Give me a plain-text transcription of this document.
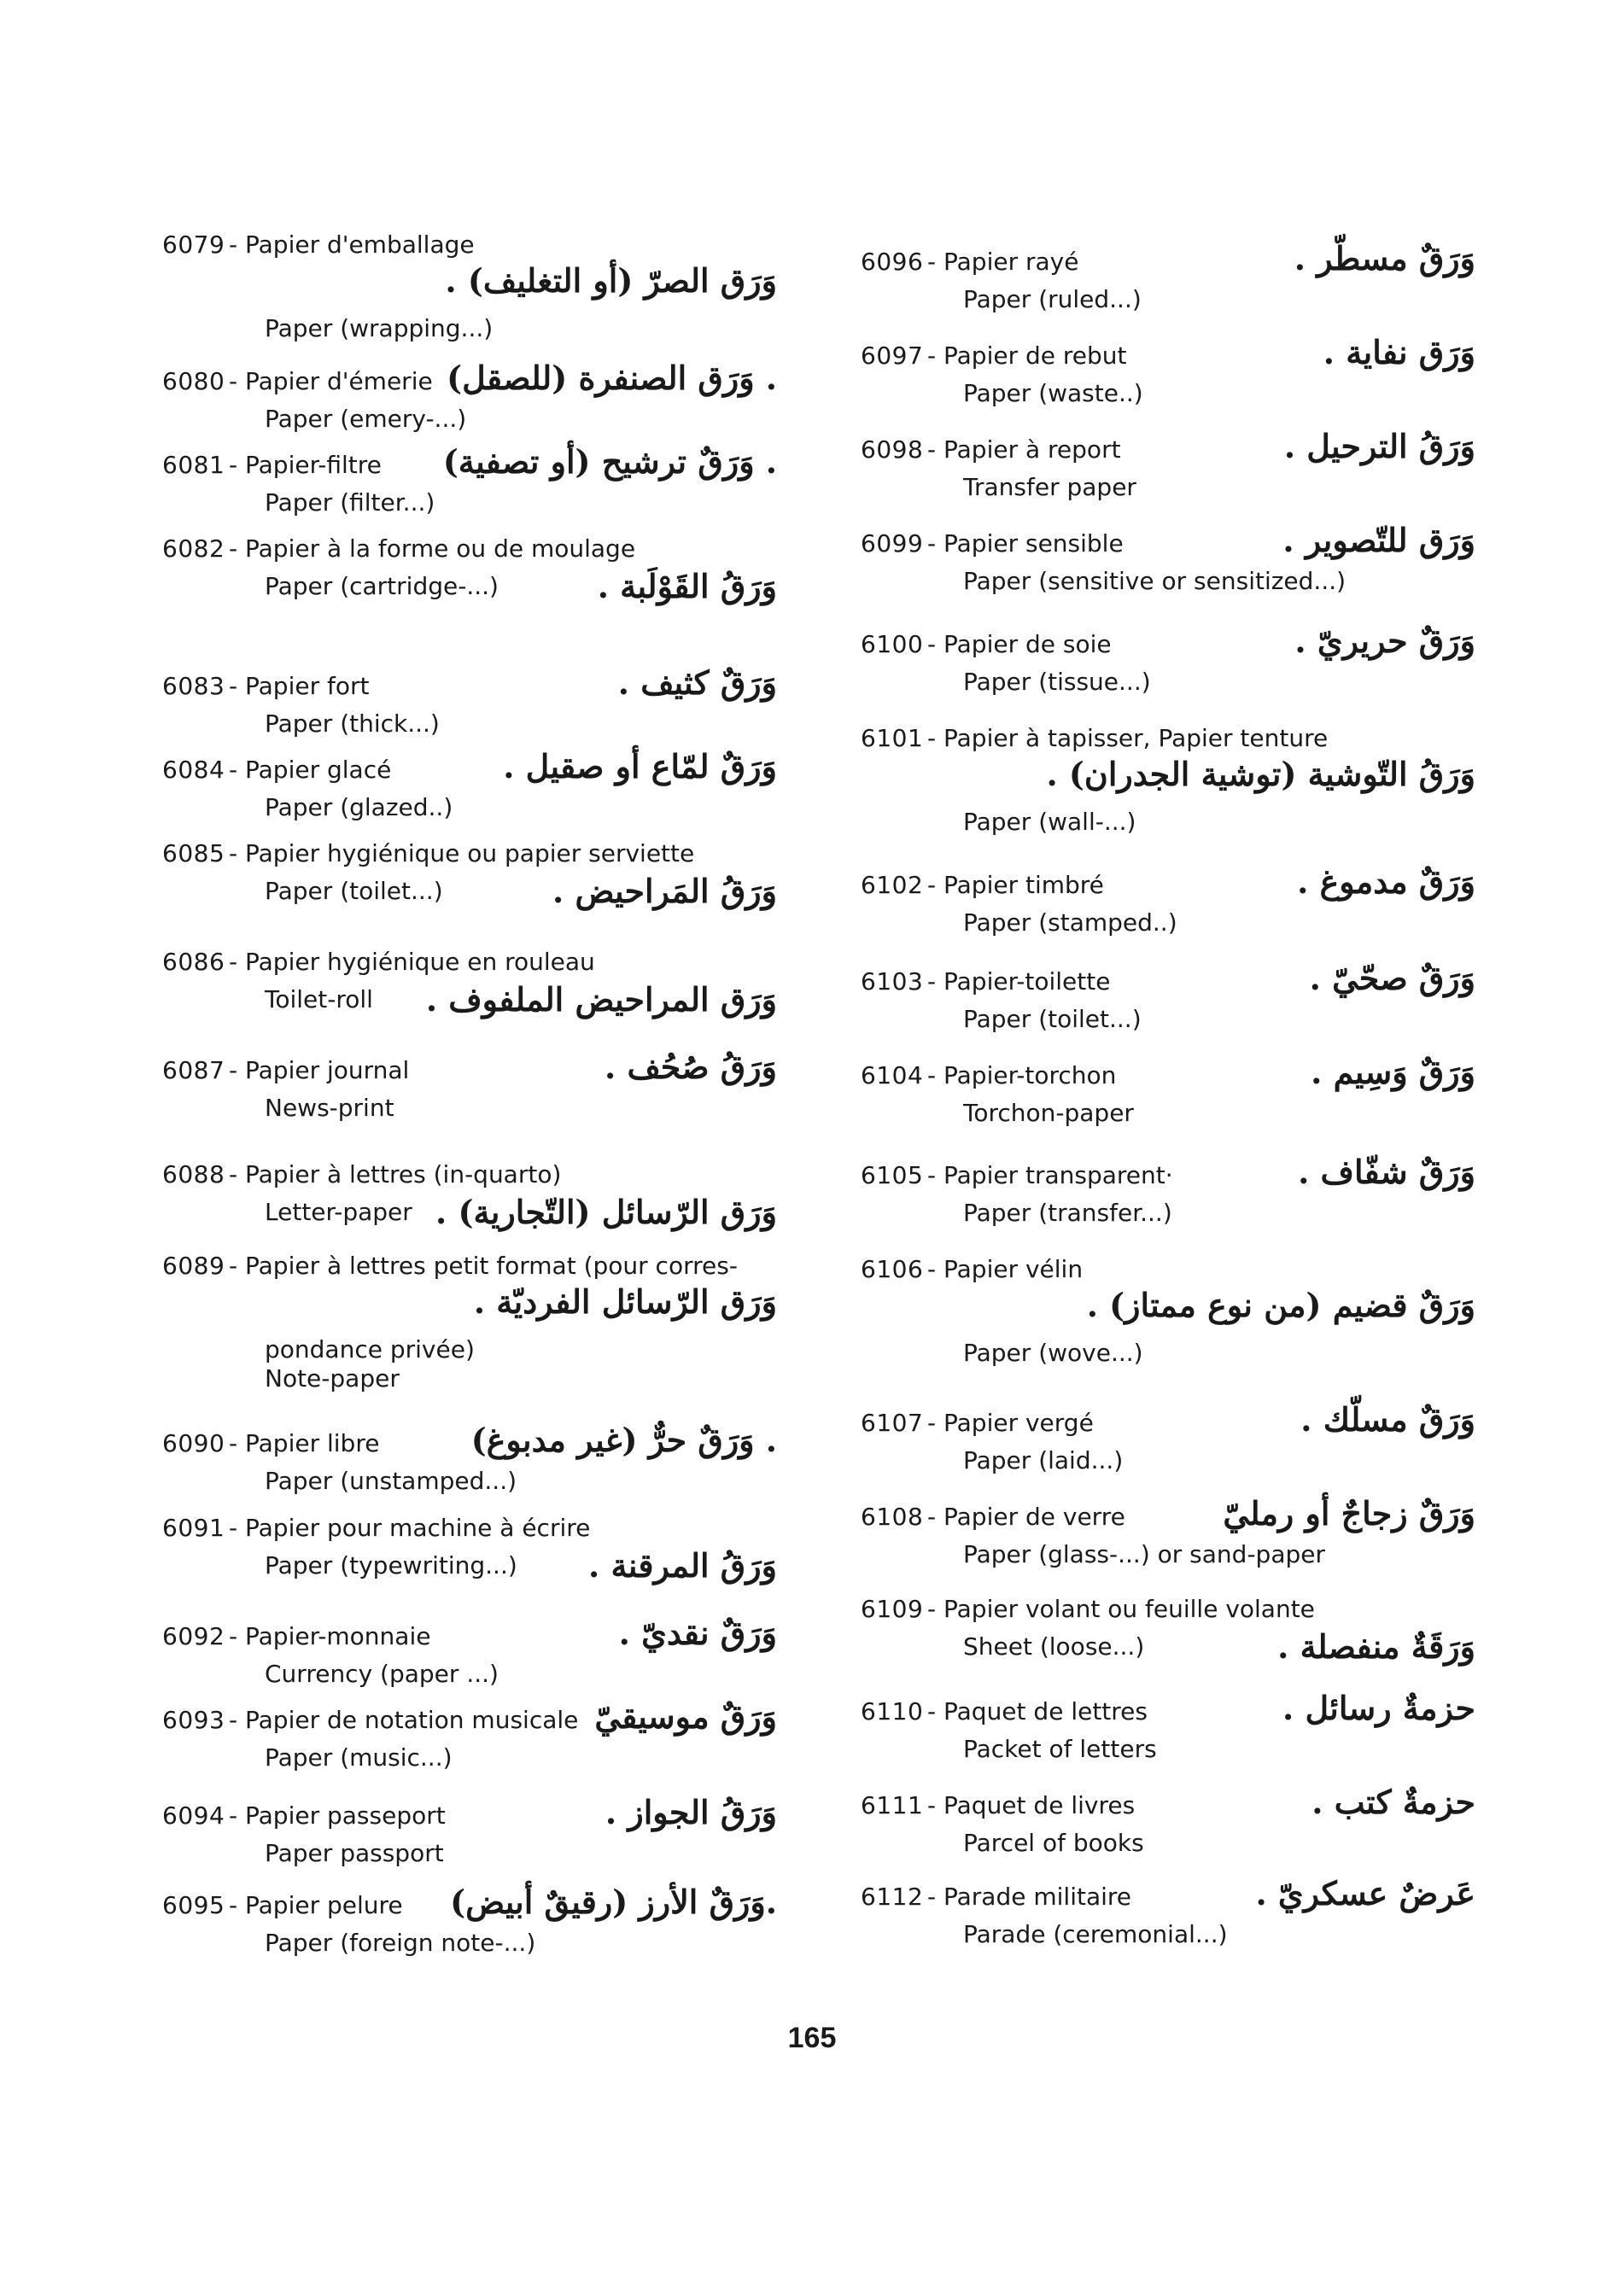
6079 - Papier d'emballage
وَرَق الصرّ (أو التغليف) .
Paper (wrapping...)
6080 - Papier d'émerie . وَرَق الصنفرة (للصقل)
Paper (emery-...)
6081 - Papier-filtre . وَرَقٌ ترشيح (أو تصفية)
Paper (filter...)
6082 - Papier à la forme ou de moulage
وَرَقُ القَوْلَبة .
Paper (cartridge-...)
6083 - Papier fort	وَرَقٌ كثيف .
Paper (thick...)
6084 - Papier glacé	وَرَقٌ لمّاع أو صقيل .
Paper (glazed..)
6085 - Papier hygiénique ou papier serviette
وَرَقُ المَراحيض .
Paper (toilet...)
6086 - Papier hygiénique en rouleau
وَرَق المراحيض الملفوف .
Toilet-roll
6087 - Papier journal	وَرَقُ صُحُف .
News-print
6088 - Papier à lettres (in-quarto)
وَرَق الرّسائل (التّجارية) .
Letter-paper
6089 - Papier à lettres petit format (pour corres-
وَرَق الرّسائل الفرديّة .
pondance privée)
Note-paper
6090 - Papier libre	. وَرَقٌ حرٌّ (غير مدبوغ)
Paper (unstamped...)
6091 - Papier pour machine à écrire
وَرَقُ المرقنة .
Paper (typewriting...)
6092 - Papier-monnaie	وَرَقٌ نقديّ .
Currency (paper ...)
6093 - Papier de notation musicale وَرَقٌ موسيقيّ
Paper (music...)
6094 - Papier passeport	وَرَقُ الجواز .
Paper passport
6095 - Papier pelure .وَرَقٌ الأرز (رقيقٌ أبيض)
Paper (foreign note-...)
6096 - Papier rayé	وَرَقٌ مسطّر .
Paper (ruled...)
6097 - Papier de rebut	وَرَق نفاية .
Paper (waste..)
6098 - Papier à report	وَرَقُ الترحيل .
Transfer paper
6099 - Papier sensible	وَرَق للتّصوير .
Paper (sensitive or sensitized...)
6100 - Papier de soie	وَرَقٌ حريريّ .
Paper (tissue...)
6101 - Papier à tapisser, Papier tenture
وَرَقُ التّوشية (توشية الجدران) .
Paper (wall-...)
6102 - Papier timbré	وَرَقٌ مدموغ .
Paper (stamped..)
6103 - Papier-toilette	وَرَقٌ صحّيّ .
Paper (toilet...)
6104 - Papier-torchon	وَرَقٌ وَسِيم .
Torchon-paper
6105 - Papier transparent·	وَرَقٌ شفّاف .
Paper (transfer...)
6106 - Papier vélin
وَرَقٌ قضيم (من نوع ممتاز) .
Paper (wove...)
6107 - Papier vergé	وَرَقٌ مسلّك .
Paper (laid...)
6108 - Papier de verre	وَرَقٌ زجاجٌ أو رمليّ
Paper (glass-...) or sand-paper
6109 - Papier volant ou feuille volante
وَرَقَةٌ منفصلة .
Sheet (loose...)
6110 - Paquet de lettres	حزمةٌ رسائل .
Packet of letters
6111 - Paquet de livres	حزمةٌ كتب .
Parcel of books
6112 - Parade militaire	عَرضٌ عسكريّ .
Parade (ceremonial...)
165
